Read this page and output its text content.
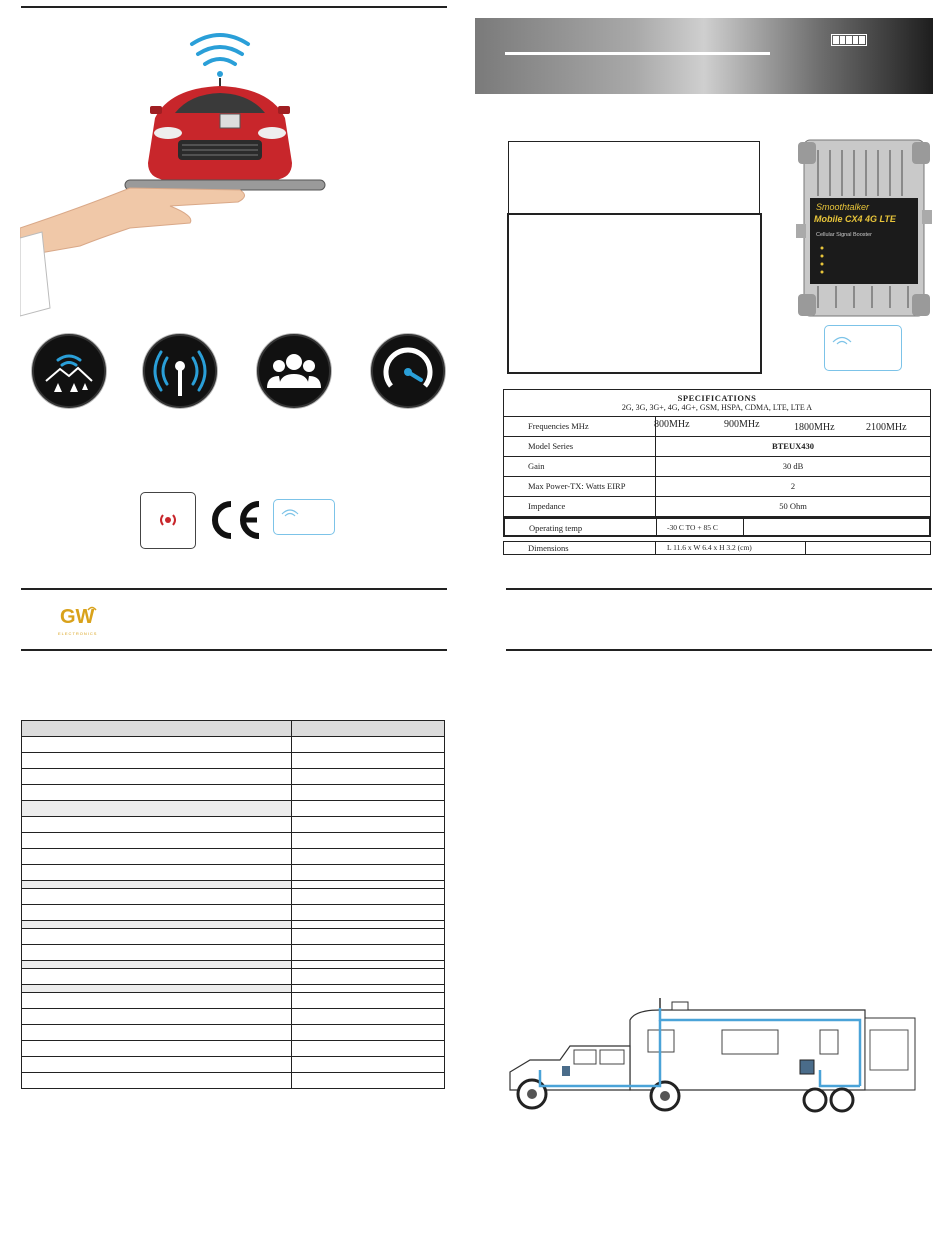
GW
ELECTRONICS

Smoothtalker
Mobile CX4 4G LTE
Cellular Signal Booster
SPECIFICATIONS
2G, 3G, 3G+, 4G, 4G+, GSM, HSPA, CDMA, LTE, LTE A
Frequencies MHz	800MHz	900MHz	1800MHz	2100MHz
Model Series	BTEUX430
Gain	30 dB
Max Power-TX: Watts EIRP	2
Impedance	50 Ohm
Operating temp	-30 C TO + 85 C
Dimensions	L 11.6 x W 6.4 x H 3.2 (cm)
